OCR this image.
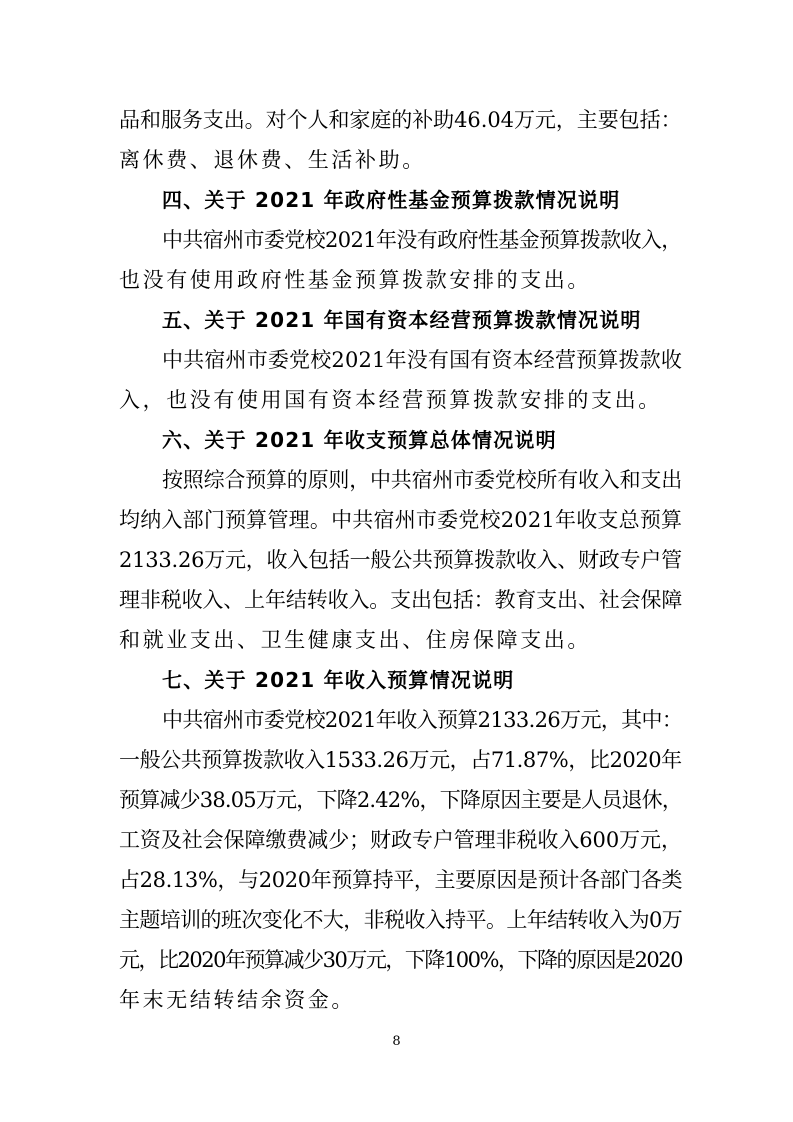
品和服务支出。对个人和家庭的补助46.04万元，主要包括：
离休费、退休费、生活补助。
四、关于 2021 年政府性基金预算拨款情况说明
中共宿州市委党校2021年没有政府性基金预算拨款收入，
也没有使用政府性基金预算拨款安排的支出。
五、关于 2021 年国有资本经营预算拨款情况说明
中共宿州市委党校2021年没有国有资本经营预算拨款收
入，也没有使用国有资本经营预算拨款安排的支出。
六、关于 2021 年收支预算总体情况说明
按照综合预算的原则，中共宿州市委党校所有收入和支出
均纳入部门预算管理。中共宿州市委党校2021年收支总预算
2133.26万元，收入包括一般公共预算拨款收入、财政专户管
理非税收入、上年结转收入。支出包括：教育支出、社会保障
和就业支出、卫生健康支出、住房保障支出。
七、关于 2021 年收入预算情况说明
中共宿州市委党校2021年收入预算2133.26万元，其中：
一般公共预算拨款收入1533.26万元，占71.87%，比2020年
预算减少38.05万元，下降2.42%，下降原因主要是人员退休，
工资及社会保障缴费减少；财政专户管理非税收入600万元，
占28.13%，与2020年预算持平，主要原因是预计各部门各类
主题培训的班次变化不大，非税收入持平。上年结转收入为0万
元，比2020年预算减少30万元，下降100%，下降的原因是2020
年末无结转结余资金。
8
